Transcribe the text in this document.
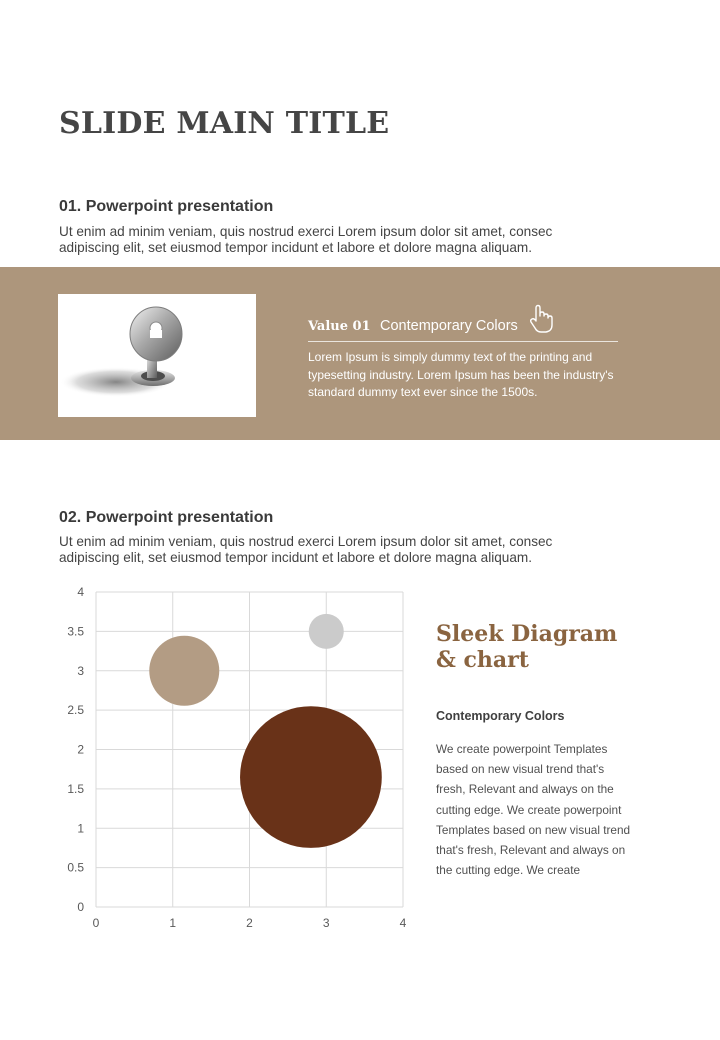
SLIDE MAIN TITLE
01. Powerpoint presentation

Ut enim ad minim veniam, quis nostrud exerci Lorem ipsum dolor sit amet, consec

adipiscing elit, set eiusmod tempor incidunt et labore et dolore magna aliquam.

Value 01 Contemporary Colors

Lorem Ipsum is simply dummy text of the printing and typesetting industry. Lorem Ipsum has been the industry's standard dummy text ever since the 1500s.

02. Powerpoint presentation

Ut enim ad minim veniam, quis nostrud exerci Lorem ipsum dolor sit amet, consec

adipiscing elit, set eiusmod tempor incidunt et labore et dolore magna aliquam.

0	1	2	3	4
0
0.5
1
1.5
2
2.5
3
3.5
4
Sleek Diagram
& chart

Contemporary Colors

We create powerpoint Templates based on new visual trend that's fresh, Relevant and always on the cutting edge. We create powerpoint Templates based on new visual trend that's fresh, Relevant and always on the cutting edge. We create
